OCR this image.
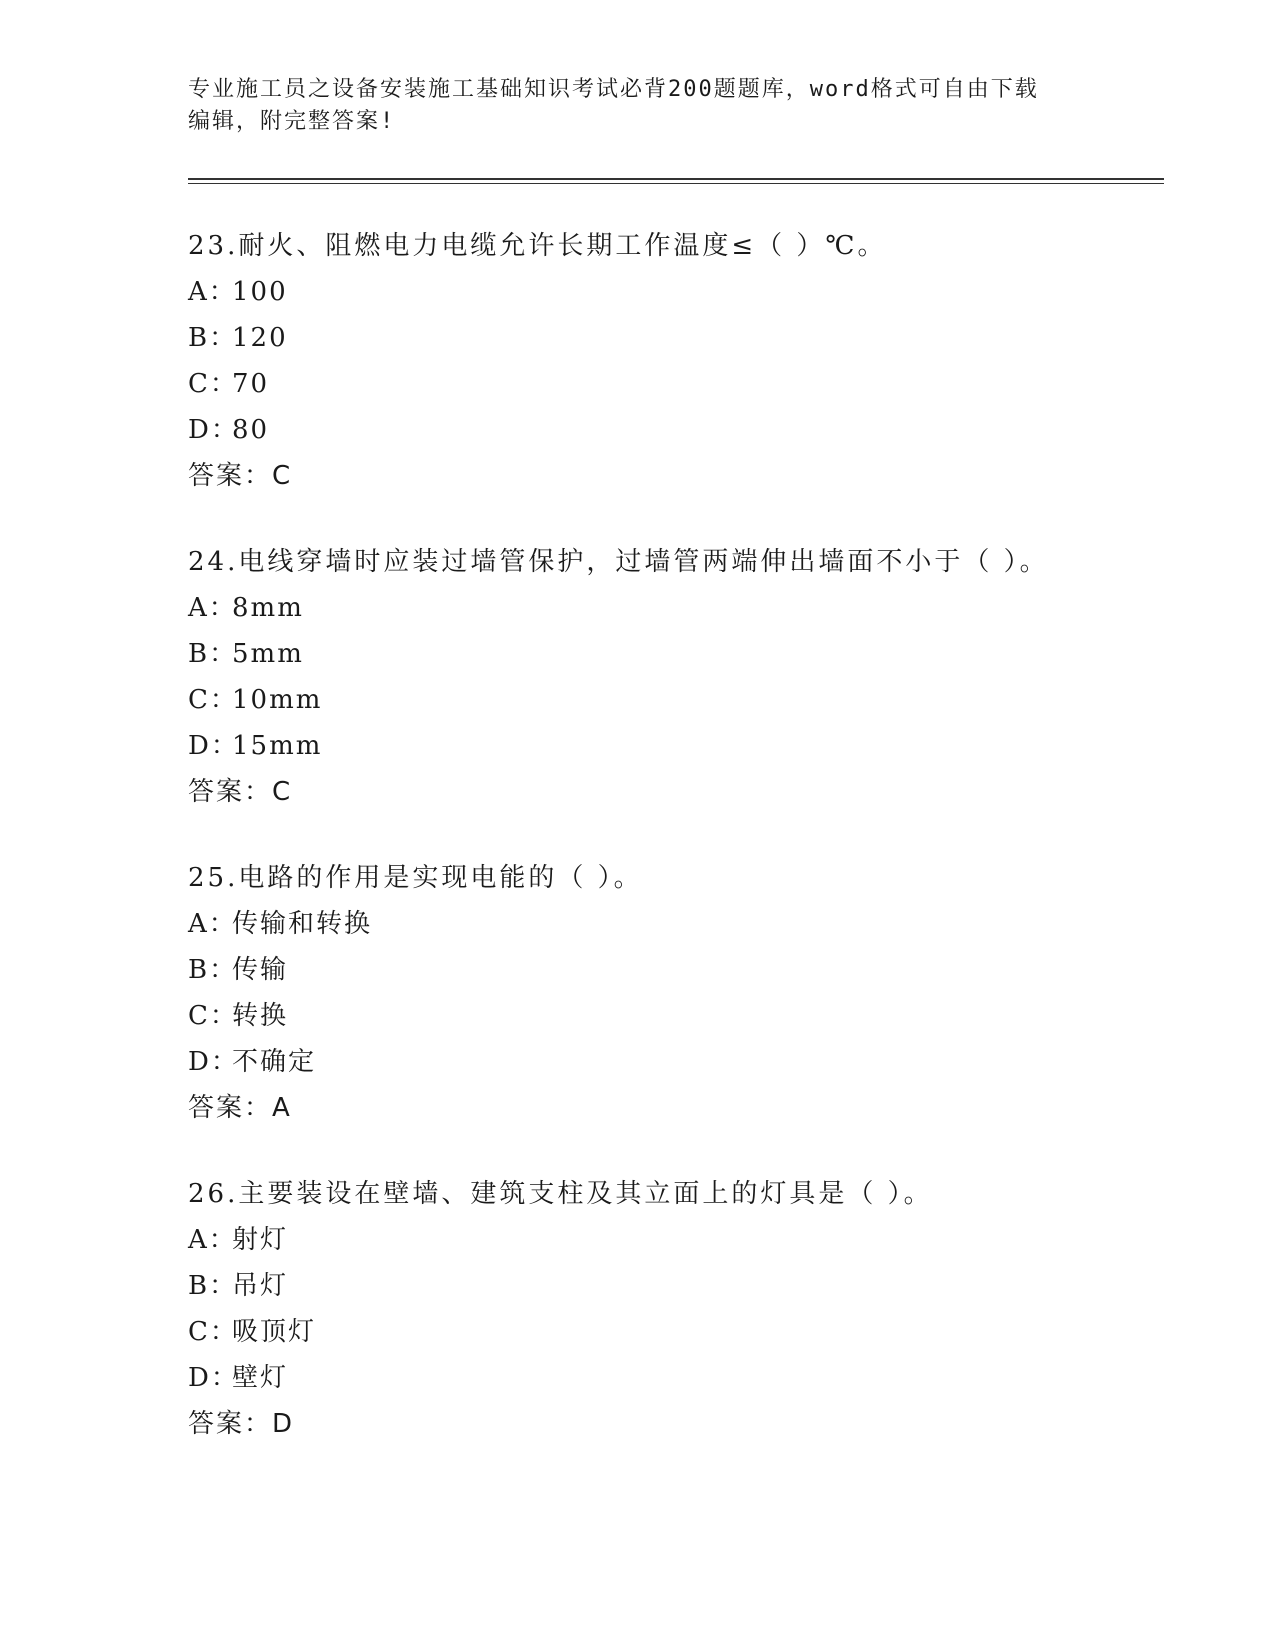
专业施工员之设备安装施工基础知识考试必背200题题库，word格式可自由下载
编辑，附完整答案!
23.耐火、阻燃电力电缆允许长期工作温度≤（ ）℃。
A：100
B：120
C：70
D：80
答案：C
24.电线穿墙时应装过墙管保护，过墙管两端伸出墙面不小于（ ）。
A：8mm
B：5mm
C：10mm
D：15mm
答案：C
25.电路的作用是实现电能的（ ）。
A：传输和转换
B：传输
C：转换
D：不确定
答案：A
26.主要装设在壁墙、建筑支柱及其立面上的灯具是（ ）。
A：射灯
B：吊灯
C：吸顶灯
D：壁灯
答案：D
